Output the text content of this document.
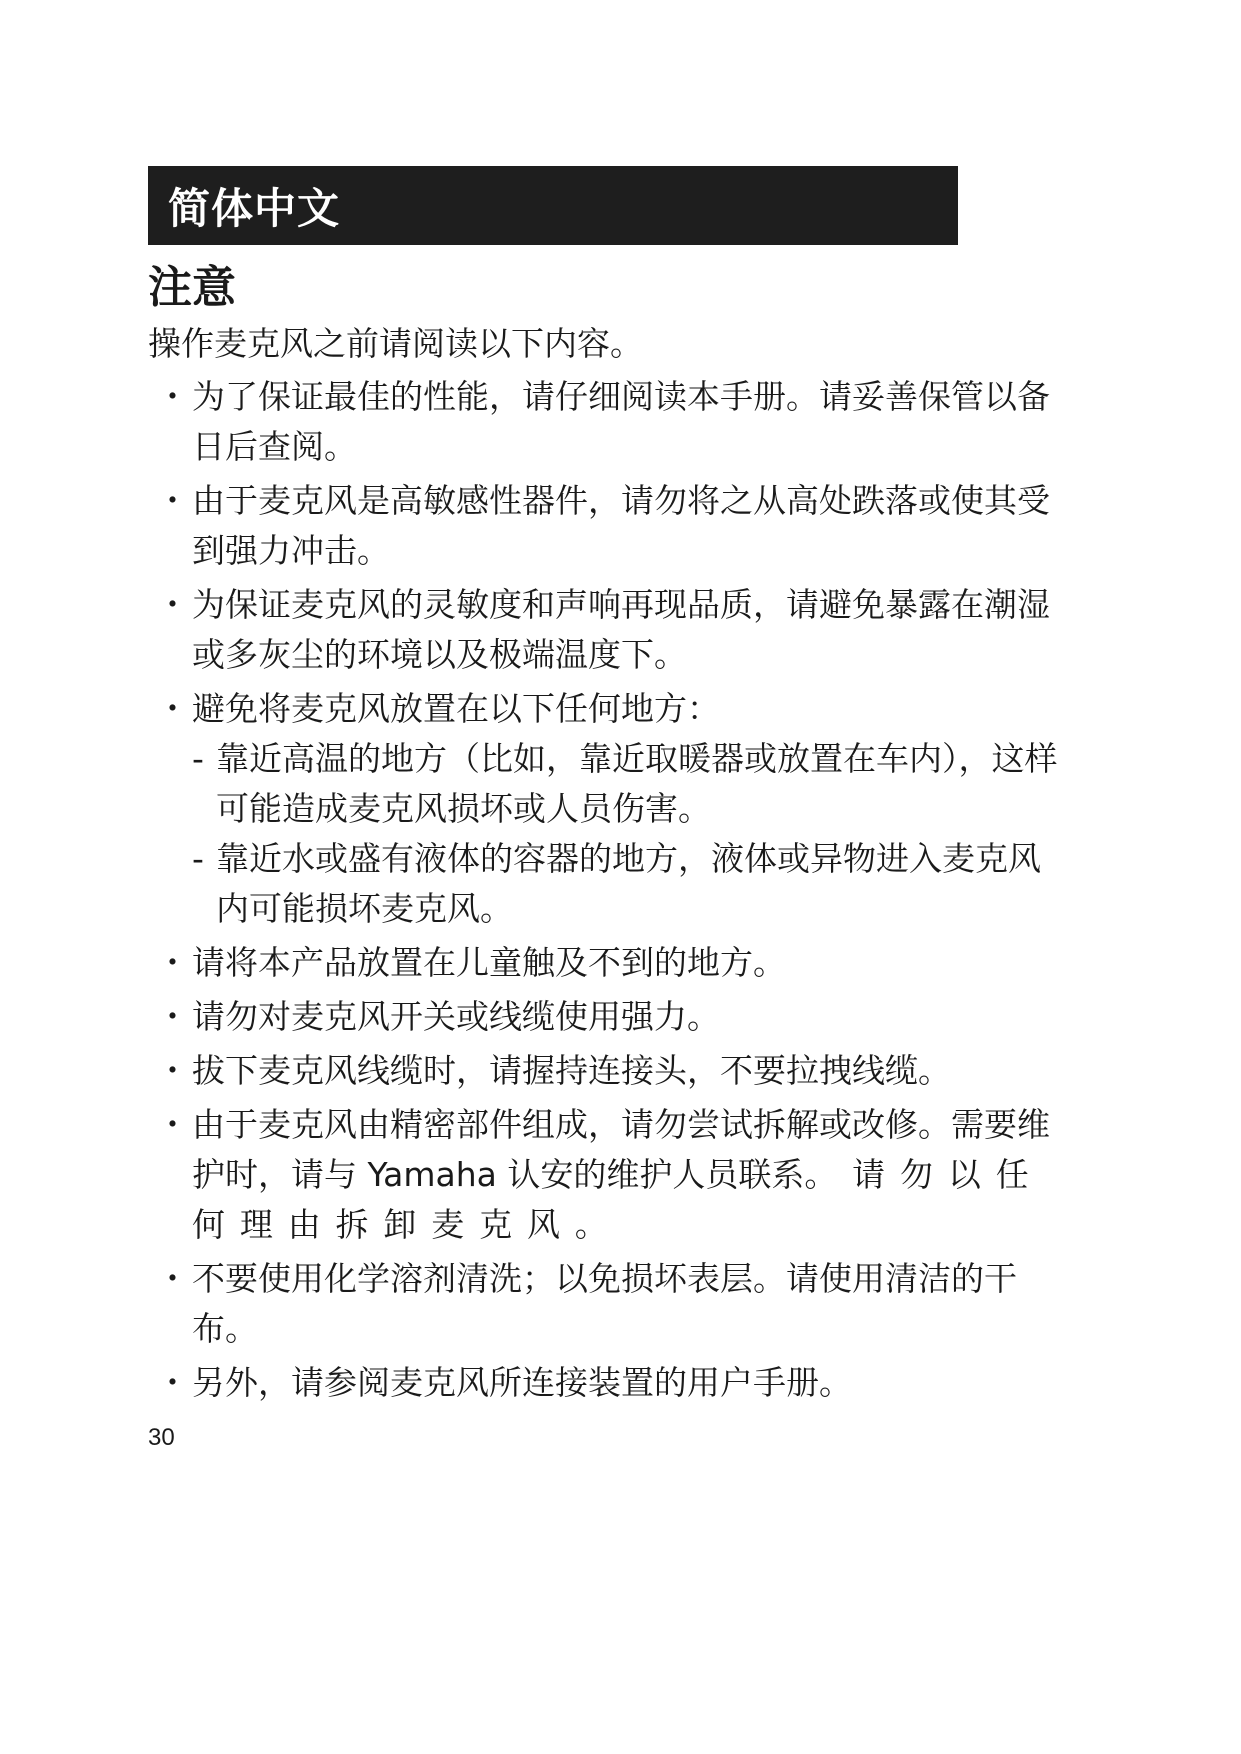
简体中文
注意
操作麦克风之前请阅读以下内容。
・ 为了保证最佳的性能，请仔细阅读本手册。请妥善保管以备日后查阅。
・ 由于麦克风是高敏感性器件，请勿将之从高处跌落或使其受到强力冲击。
・ 为保证麦克风的灵敏度和声响再现品质，请避免暴露在潮湿或多灰尘的环境以及极端温度下。
・ 避免将麦克风放置在以下任何地方：
- 靠近高温的地方（比如，靠近取暖器或放置在车内），这样可能造成麦克风损坏或人员伤害。
- 靠近水或盛有液体的容器的地方，液体或异物进入麦克风内可能损坏麦克风。
・ 请将本产品放置在儿童触及不到的地方。
・ 请勿对麦克风开关或线缆使用强力。
・ 拔下麦克风线缆时，请握持连接头，不要拉拽线缆。
・ 由于麦克风由精密部件组成，请勿尝试拆解或改修。需要维护时，请与 Yamaha 认安的维护人员联系。请勿以任何理由拆卸麦克风。
・ 不要使用化学溶剂清洗；以免损坏表层。请使用清洁的干布。
・ 另外，请参阅麦克风所连接装置的用户手册。
30
